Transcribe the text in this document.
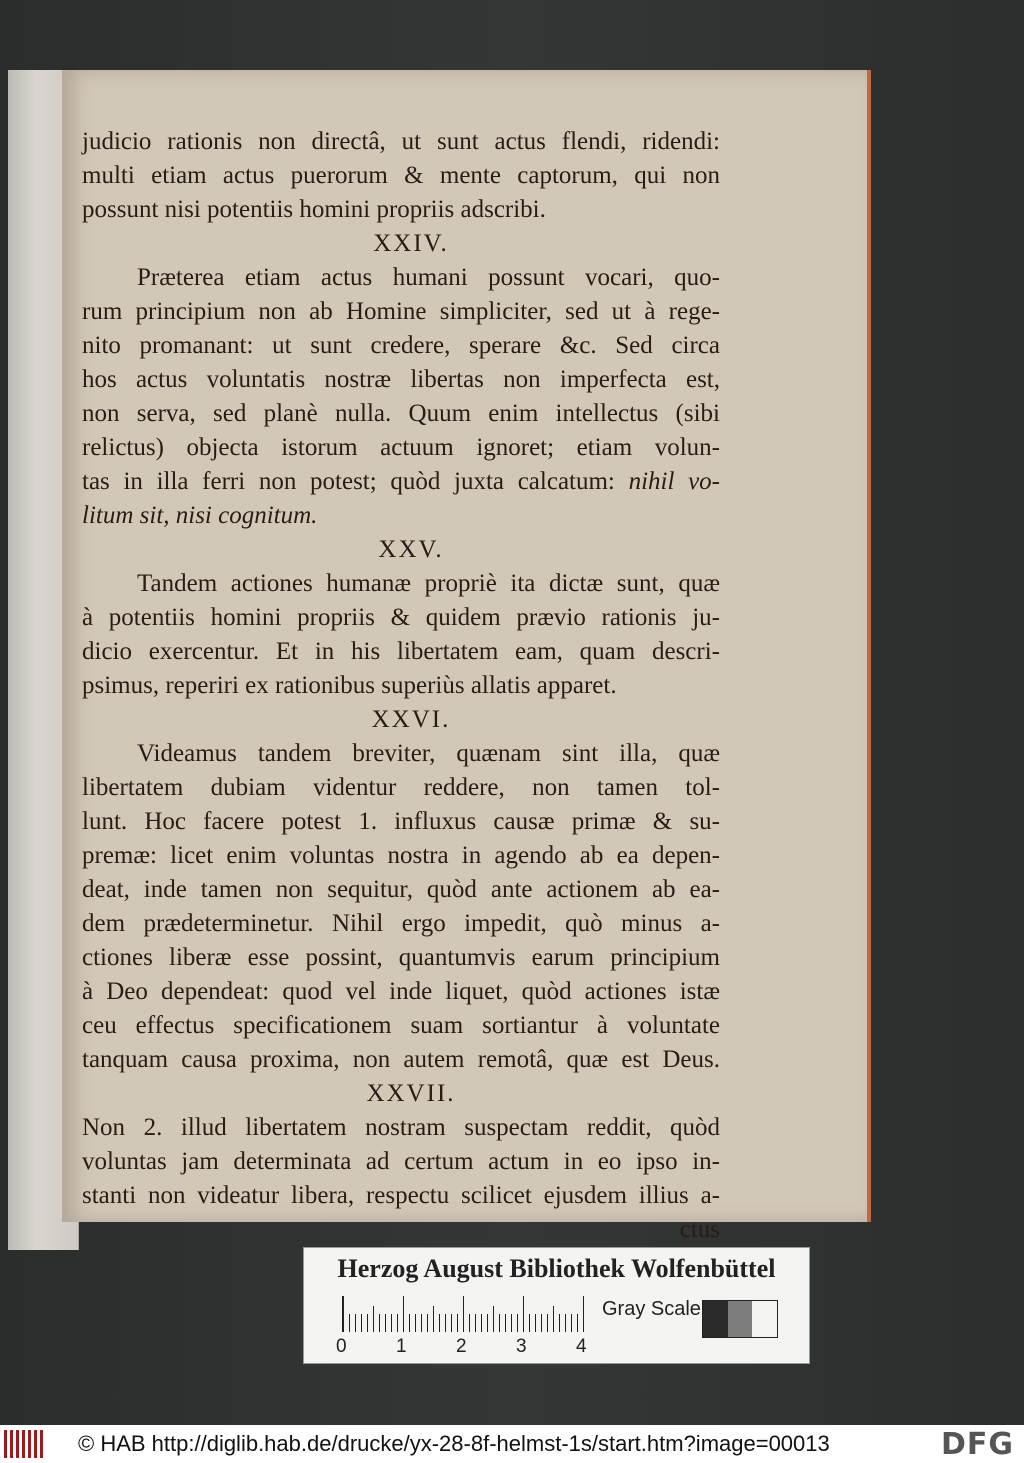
judicio rationis non directâ, ut sunt actus flendi, ridendi:
multi etiam actus puerorum & mente captorum, qui non
possunt nisi potentiis homini propriis adscribi.
XXIV.
Præterea etiam actus humani possunt vocari, quo-
rum principium non ab Homine simpliciter, sed ut à rege-
nito promanant: ut sunt credere, sperare &c. Sed circa
hos actus voluntatis nostræ libertas non imperfecta est,
non serva, sed planè nulla. Quum enim intellectus (sibi
relictus) objecta istorum actuum ignoret; etiam volun-
tas in illa ferri non potest; quòd juxta calcatum: nihil vo-
litum sit, nisi cognitum.
XXV.
Tandem actiones humanæ propriè ita dictæ sunt, quæ
à potentiis homini propriis & quidem prævio rationis ju-
dicio exercentur. Et in his libertatem eam, quam descri-
psimus, reperiri ex rationibus superiùs allatis apparet.
XXVI.
Videamus tandem breviter, quænam sint illa, quæ
libertatem dubiam videntur reddere, non tamen tol-
lunt. Hoc facere potest 1. influxus causæ primæ & su-
premæ: licet enim voluntas nostra in agendo ab ea depen-
deat, inde tamen non sequitur, quòd ante actionem ab ea-
dem prædeterminetur. Nihil ergo impedit, quò minus a-
ctiones liberæ esse possint, quantumvis earum principium
à Deo dependeat: quod vel inde liquet, quòd actiones istæ
ceu effectus specificationem suam sortiantur à voluntate
tanquam causa proxima, non autem remotâ, quæ est Deus.
XXVII.
Non 2. illud libertatem nostram suspectam reddit, quòd
voluntas jam determinata ad certum actum in eo ipso in-
stanti non videatur libera, respectu scilicet ejusdem illius a-
ctus
Herzog August Bibliothek Wolfenbüttel
0	1	2	3	4
Gray Scale
© HAB http://diglib.hab.de/drucke/yx-28-8f-helmst-1s/start.htm?image=00013	DFG
